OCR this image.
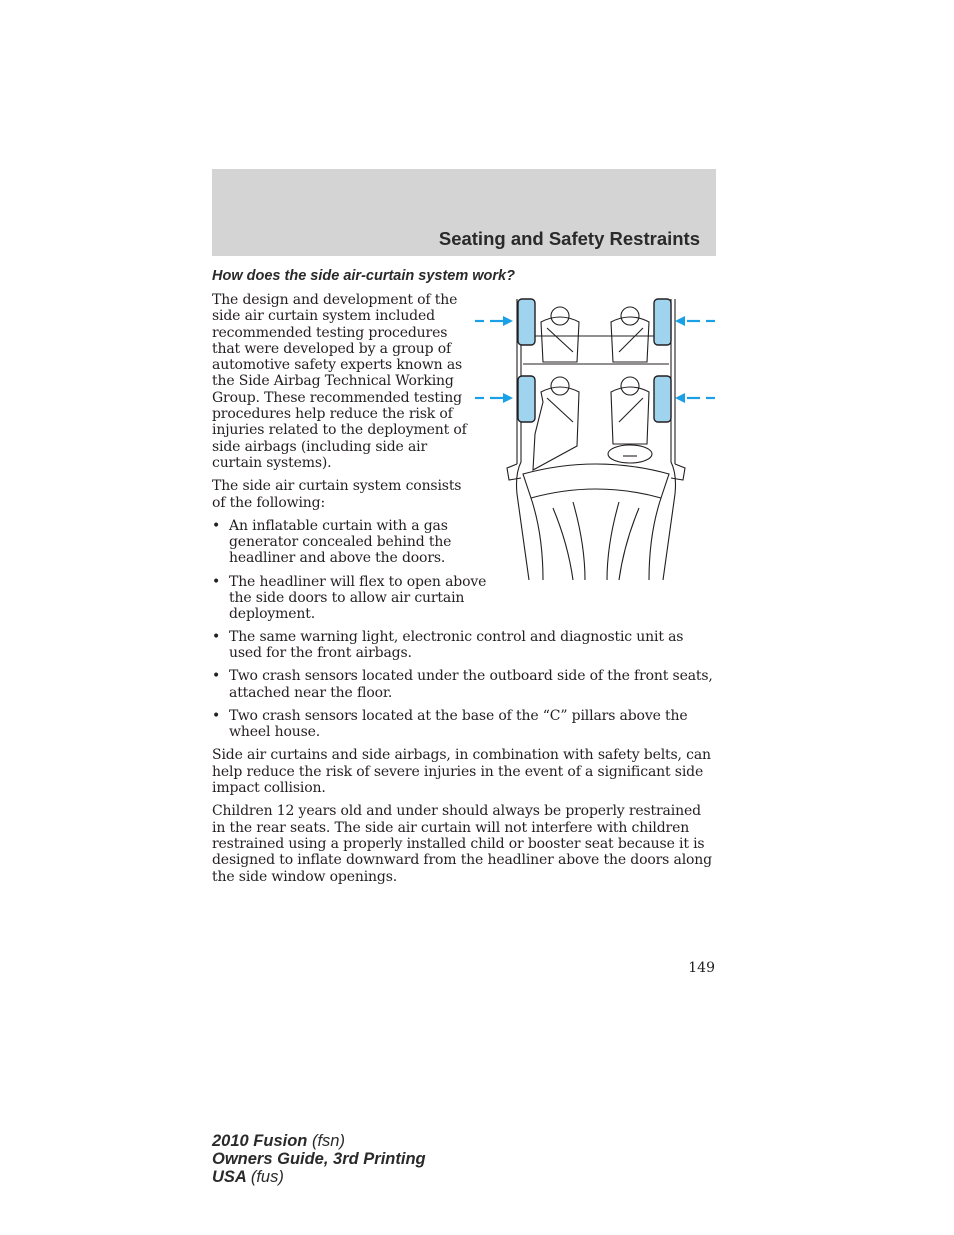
Seating and Safety Restraints
How does the side air-curtain system work?

The design and development of the side air curtain system included recommended testing procedures that were developed by a group of automotive safety experts known as the Side Airbag Technical Working Group. These recommended testing procedures help reduce the risk of injuries related to the deployment of side airbags (including side air curtain systems).

The side air curtain system consists of the following:

• An inflatable curtain with a gas generator concealed behind the headliner and above the doors.
• The headliner will flex to open above the side doors to allow air curtain deployment.
• The same warning light, electronic control and diagnostic unit as used for the front airbags.
• Two crash sensors located under the outboard side of the front seats, attached near the floor.
• Two crash sensors located at the base of the “C” pillars above the wheel house.

Side air curtains and side airbags, in combination with safety belts, can help reduce the risk of severe injuries in the event of a significant side impact collision.

Children 12 years old and under should always be properly restrained in the rear seats. The side air curtain will not interfere with children restrained using a properly installed child or booster seat because it is designed to inflate downward from the headliner above the doors along the side window openings.

149
2010 Fusion (fsn)
Owners Guide, 3rd Printing
USA (fus)
